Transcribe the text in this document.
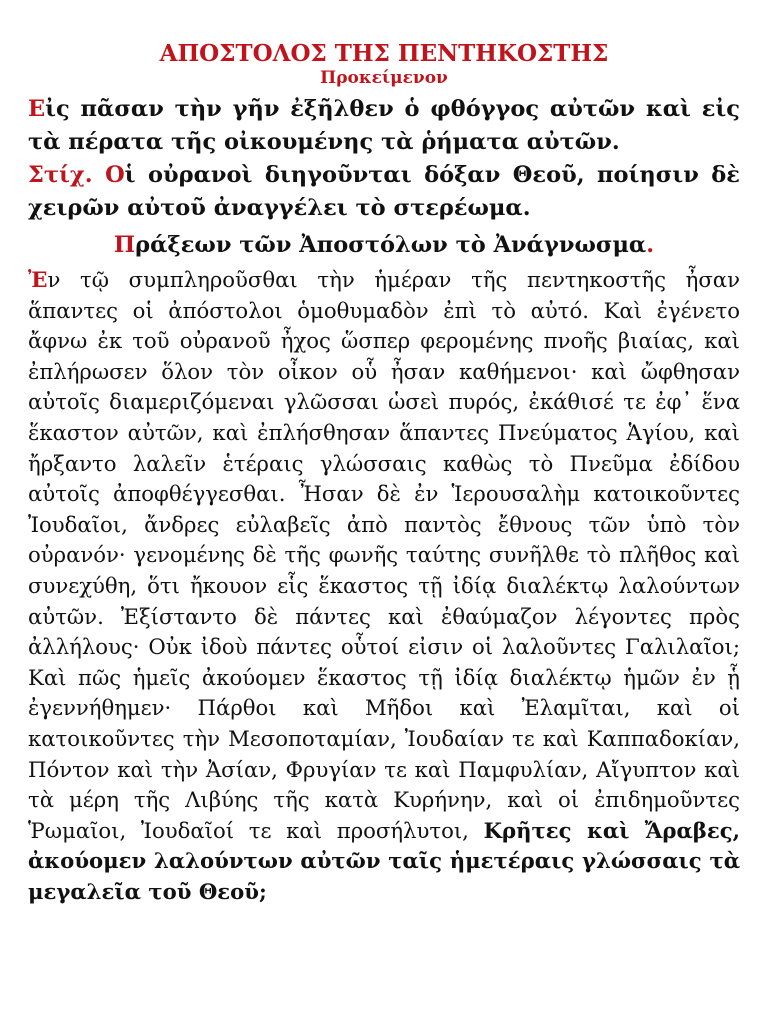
ΑΠΟΣΤΟΛΟΣ ΤΗΣ ΠΕΝΤΗΚΟΣΤΗΣ
Προκείμενον

Εἰς πᾶσαν τὴν γῆν ἐξῆλθεν ὁ φθόγγος αὐτῶν καὶ εἰς τὰ πέρατα τῆς οἰκουμένης τὰ ῥήματα αὐτῶν.

Στίχ. Οἱ οὐρανοὶ διηγοῦνται δόξαν Θεοῦ, ποίησιν δὲ χειρῶν αὐτοῦ ἀναγγέλει τὸ στερέωμα.

Πράξεων τῶν Ἀποστόλων τὸ Ἀνάγνωσμα.

Ἐν τῷ συμπληροῦσθαι τὴν ἡμέραν τῆς πεντηκοστῆς ἦσαν ἅπαντες οἱ ἀπόστολοι ὁμοθυμαδὸν ἐπὶ τὸ αὐτό. Καὶ ἐγένετο ἄφνω ἐκ τοῦ οὐρανοῦ ἦχος ὥσπερ φερομένης πνοῆς βιαίας, καὶ ἐπλήρωσεν ὅλον τὸν οἶκον οὗ ἦσαν καθήμενοι· καὶ ὤφθησαν αὐτοῖς διαμεριζόμεναι γλῶσσαι ὡσεὶ πυρός, ἐκάθισέ τε ἐφ᾿ ἕνα ἕκαστον αὐτῶν, καὶ ἐπλήσθησαν ἅπαντες Πνεύματος Ἁγίου, καὶ ἤρξαντο λαλεῖν ἑτέραις γλώσσαις καθὼς τὸ Πνεῦμα ἐδίδου αὐτοῖς ἀποφθέγγεσθαι. Ἦσαν δὲ ἐν Ἱερουσαλὴμ κατοικοῦντες Ἰουδαῖοι, ἄνδρες εὐλαβεῖς ἀπὸ παντὸς ἔθνους τῶν ὑπὸ τὸν οὐρανόν· γενομένης δὲ τῆς φωνῆς ταύτης συνῆλθε τὸ πλῆθος καὶ συνεχύθη, ὅτι ἤκουον εἷς ἕκαστος τῇ ἰδίᾳ διαλέκτῳ λαλούντων αὐτῶν. Ἐξίσταντο δὲ πάντες καὶ ἐθαύμαζον λέγοντες πρὸς ἀλλήλους· Οὐκ ἰδοὺ πάντες οὗτοί εἰσιν οἱ λαλοῦντες Γαλιλαῖοι; Καὶ πῶς ἡμεῖς ἀκούομεν ἕκαστος τῇ ἰδίᾳ διαλέκτῳ ἡμῶν ἐν ᾗ ἐγεννήθημεν· Πάρθοι καὶ Μῆδοι καὶ Ἐλαμῖται, καὶ οἱ κατοικοῦντες τὴν Μεσοποταμίαν, Ἰουδαίαν τε καὶ Καππαδοκίαν, Πόντον καὶ τὴν Ἀσίαν, Φρυγίαν τε καὶ Παμφυλίαν, Αἴγυπτον καὶ τὰ μέρη τῆς Λιβύης τῆς κατὰ Κυρήνην, καὶ οἱ ἐπιδημοῦντες Ῥωμαῖοι, Ἰουδαῖοί τε καὶ προσήλυτοι, Κρῆτες καὶ Ἄραβες, ἀκούομεν λαλούντων αὐτῶν ταῖς ἡμετέραις γλώσσαις τὰ μεγαλεῖα τοῦ Θεοῦ;
